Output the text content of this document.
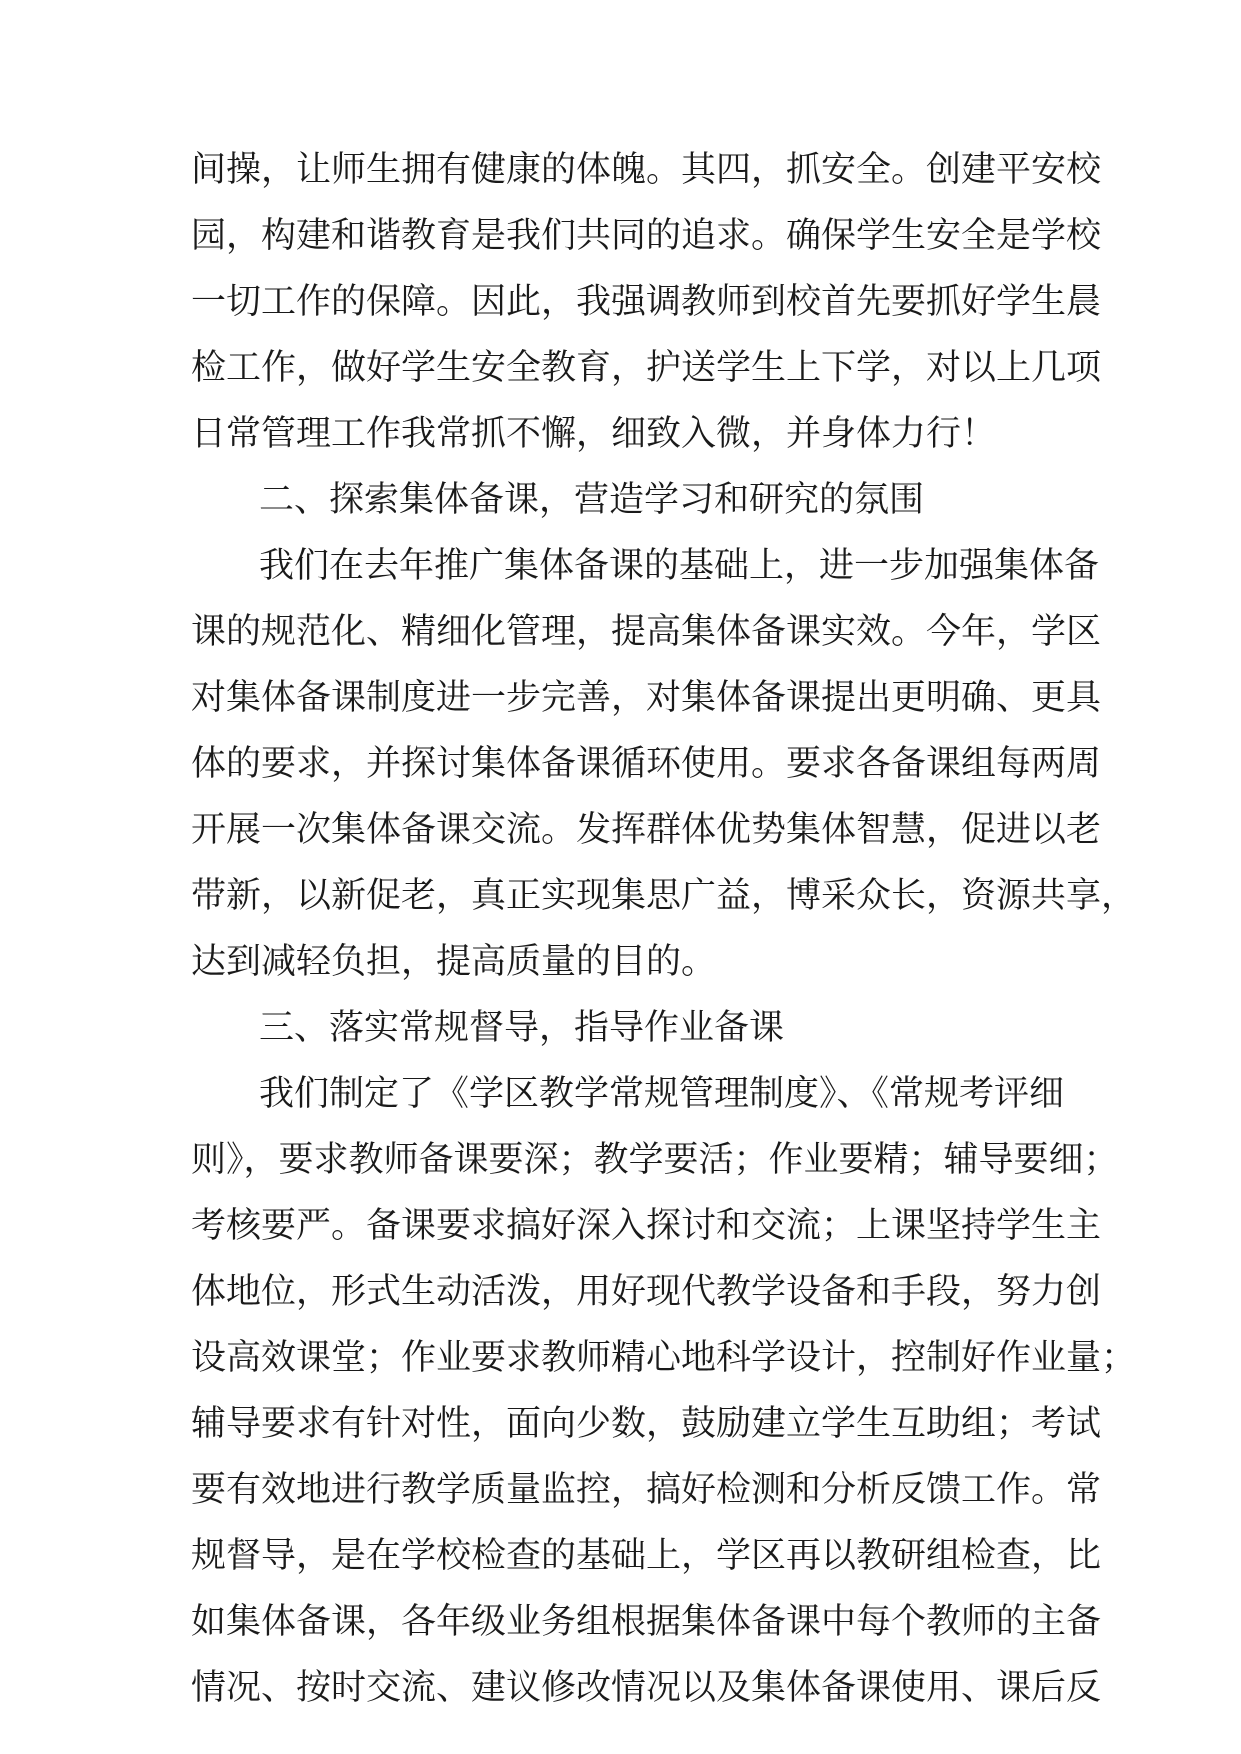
间操，让师生拥有健康的体魄。其四，抓安全。创建平安校
园，构建和谐教育是我们共同的追求。确保学生安全是学校
一切工作的保障。因此，我强调教师到校首先要抓好学生晨
检工作，做好学生安全教育，护送学生上下学，对以上几项
日常管理工作我常抓不懈，细致入微，并身体力行！
二、探索集体备课，营造学习和研究的氛围
我们在去年推广集体备课的基础上，进一步加强集体备
课的规范化、精细化管理，提高集体备课实效。今年，学区
对集体备课制度进一步完善，对集体备课提出更明确、更具
体的要求，并探讨集体备课循环使用。要求各备课组每两周
开展一次集体备课交流。发挥群体优势集体智慧，促进以老
带新，以新促老，真正实现集思广益，博采众长，资源共享，
达到减轻负担，提高质量的目的。
三、落实常规督导，指导作业备课
我们制定了《学区教学常规管理制度》、《常规考评细
则》，要求教师备课要深；教学要活；作业要精；辅导要细；
考核要严。备课要求搞好深入探讨和交流；上课坚持学生主
体地位，形式生动活泼，用好现代教学设备和手段，努力创
设高效课堂；作业要求教师精心地科学设计，控制好作业量；
辅导要求有针对性，面向少数，鼓励建立学生互助组；考试
要有效地进行教学质量监控，搞好检测和分析反馈工作。常
规督导，是在学校检查的基础上，学区再以教研组检查，比
如集体备课，各年级业务组根据集体备课中每个教师的主备
情况、按时交流、建议修改情况以及集体备课使用、课后反
